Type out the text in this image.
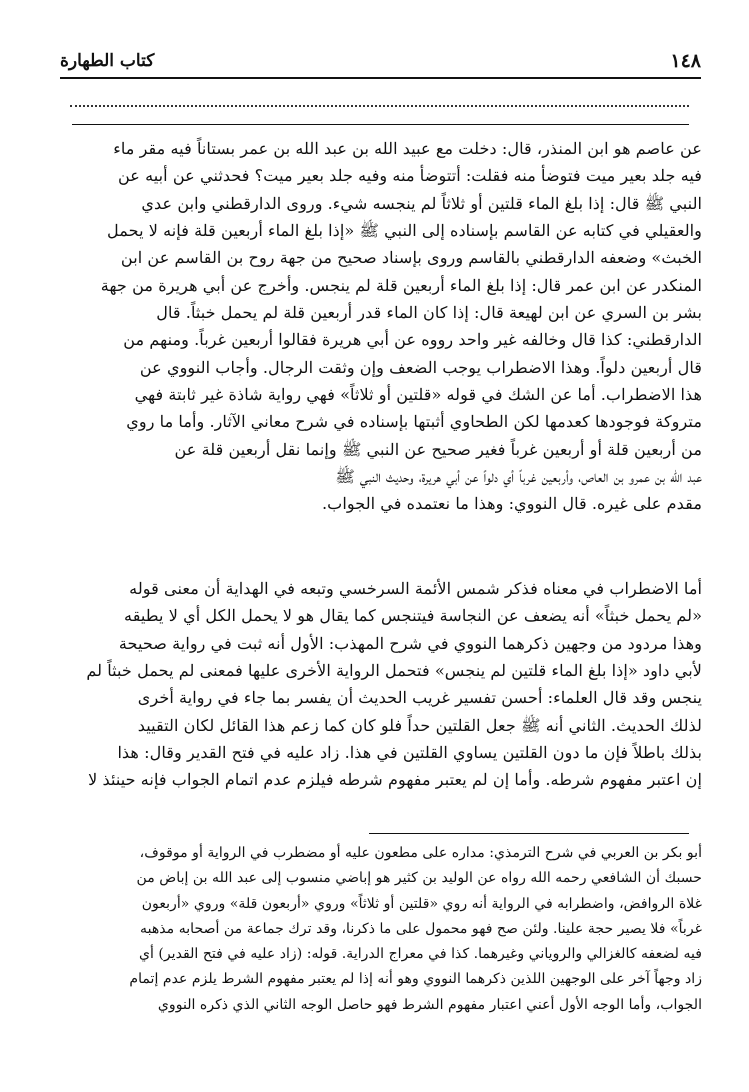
كتاب الطهارة	١٤٨
عن عاصم هو ابن المنذر، قال: دخلت مع عبيد الله بن عبد الله بن عمر بستاناً فيه مقر ماء
فيه جلد بعير ميت فتوضأ منه فقلت: أتتوضأ منه وفيه جلد بعير ميت؟ فحدثني عن أبيه عن
النبي ﷺ قال: إذا بلغ الماء قلتين أو ثلاثاً لم ينجسه شيء. وروى الدارقطني وابن عدي
والعقيلي في كتابه عن القاسم بإسناده إلى النبي ﷺ «إذا بلغ الماء أربعين قلة فإنه لا يحمل
الخبث» وضعفه الدارقطني بالقاسم وروى بإسناد صحيح من جهة روح بن القاسم عن ابن
المنكدر عن ابن عمر قال: إذا بلغ الماء أربعين قلة لم ينجس. وأخرج عن أبي هريرة من جهة
بشر بن السري عن ابن لهيعة قال: إذا كان الماء قدر أربعين قلة لم يحمل خبثاً. قال
الدارقطني: كذا قال وخالفه غير واحد رووه عن أبي هريرة فقالوا أربعين غرباً. ومنهم من
قال أربعين دلواً. وهذا الاضطراب يوجب الضعف وإن وثقت الرجال. وأجاب النووي عن
هذا الاضطراب. أما عن الشك في قوله «قلتين أو ثلاثاً» فهي رواية شاذة غير ثابتة فهي
متروكة فوجودها كعدمها لكن الطحاوي أثبتها بإسناده في شرح معاني الآثار. وأما ما روي
من أربعين قلة أو أربعين غرباً فغير صحيح عن النبي ﷺ وإنما نقل أربعين قلة عن
عبد الله بن عمرو بن العاص، وأربعين غرباً أي دلواً عن أبي هريرة، وحديث النبي ﷺ
مقدم على غيره. قال النووي: وهذا ما نعتمده في الجواب.
أما الاضطراب في معناه فذكر شمس الأئمة السرخسي وتبعه في الهداية أن معنى قوله
«لم يحمل خبثاً» أنه يضعف عن النجاسة فيتنجس كما يقال هو لا يحمل الكل أي لا يطيقه
وهذا مردود من وجهين ذكرهما النووي في شرح المهذب: الأول أنه ثبت في رواية صحيحة
لأبي داود «إذا بلغ الماء قلتين لم ينجس» فتحمل الرواية الأخرى عليها فمعنى لم يحمل خبثاً لم
ينجس وقد قال العلماء: أحسن تفسير غريب الحديث أن يفسر بما جاء في رواية أخرى
لذلك الحديث. الثاني أنه ﷺ جعل القلتين حداً فلو كان كما زعم هذا القائل لكان التقييد
بذلك باطلاً فإن ما دون القلتين يساوي القلتين في هذا. زاد عليه في فتح القدير وقال: هذا
إن اعتبر مفهوم شرطه. وأما إن لم يعتبر مفهوم شرطه فيلزم عدم اتمام الجواب فإنه حينئذ لا
أبو بكر بن العربي في شرح الترمذي: مداره على مطعون عليه أو مضطرب في الرواية أو موقوف،
حسبك أن الشافعي رحمه الله رواه عن الوليد بن كثير هو إباضي منسوب إلى عبد الله بن إباض من
غلاة الروافض، واضطرابه في الرواية أنه روي «قلتين أو ثلاثاً» وروي «أربعون قلة» وروي «أربعون
غرباً» فلا يصير حجة علينا. ولئن صح فهو محمول على ما ذكرنا، وقد ترك جماعة من أصحابه مذهبه
فيه لضعفه كالغزالي والروياني وغيرهما. كذا في معراج الدراية. قوله: (زاد عليه في فتح القدير) أي
زاد وجهاً آخر على الوجهين اللذين ذكرهما النووي وهو أنه إذا لم يعتبر مفهوم الشرط يلزم عدم إتمام
الجواب، وأما الوجه الأول أعني اعتبار مفهوم الشرط فهو حاصل الوجه الثاني الذي ذكره النووي
